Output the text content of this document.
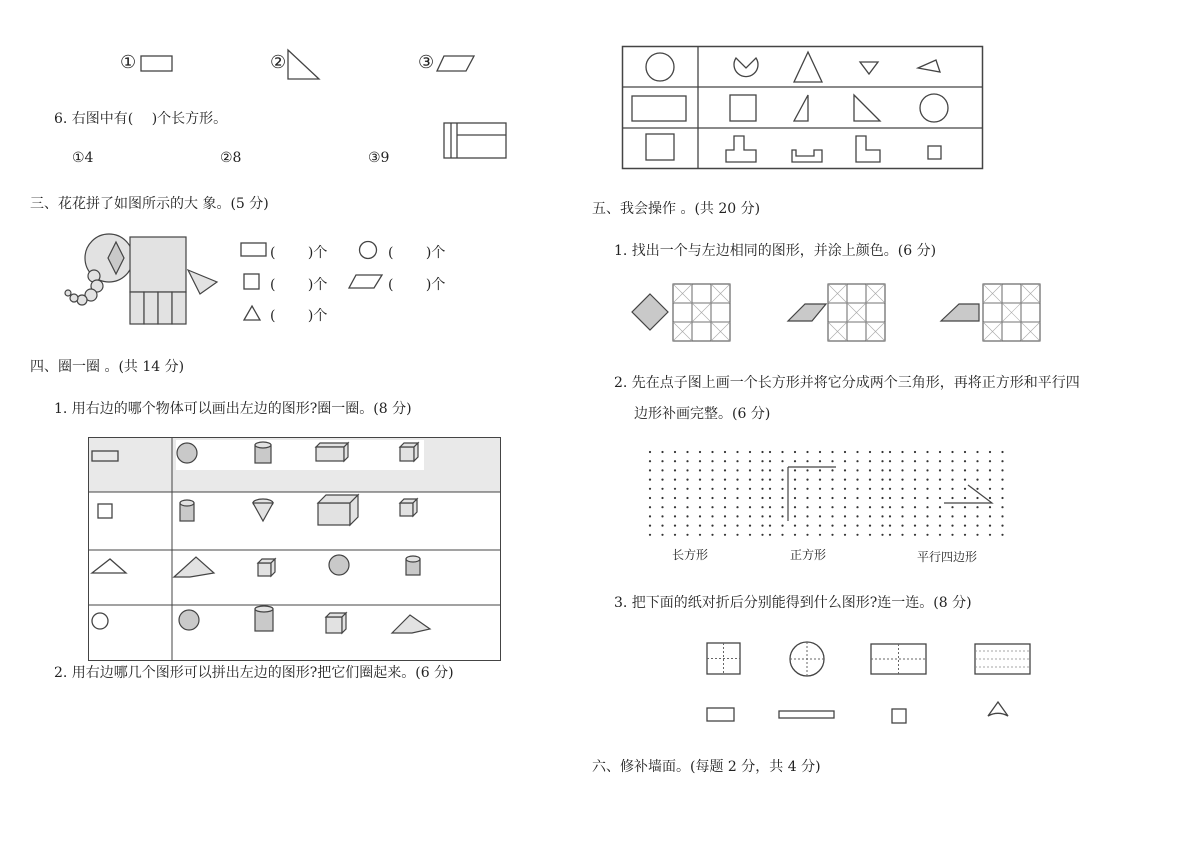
①	②	③
6. 右图中有(　 )个长方形。
①4	②8	③9
三、花花拼了如图所示的大 象。(5 分)
(　　 )个	(　　 )个
(　　 )个	(　　 )个
(　　 )个
四、圈一圈 。(共 14 分)
1. 用右边的哪个物体可以画出左边的图形?圈一圈。(8 分)
2. 用右边哪几个图形可以拼出左边的图形?把它们圈起来。(6 分)
五、我会操作 。(共 20 分)
1. 找出一个与左边相同的图形，并涂上颜色。(6 分)
2. 先在点子图上画一个长方形并将它分成两个三角形，再将正方形和平行四
边形补画完整。(6 分)
长方形	正方形	平行四边形
3. 把下面的纸对折后分别能得到什么图形?连一连。(8 分)
六、修补墙面。(每题 2 分，共 4 分)
